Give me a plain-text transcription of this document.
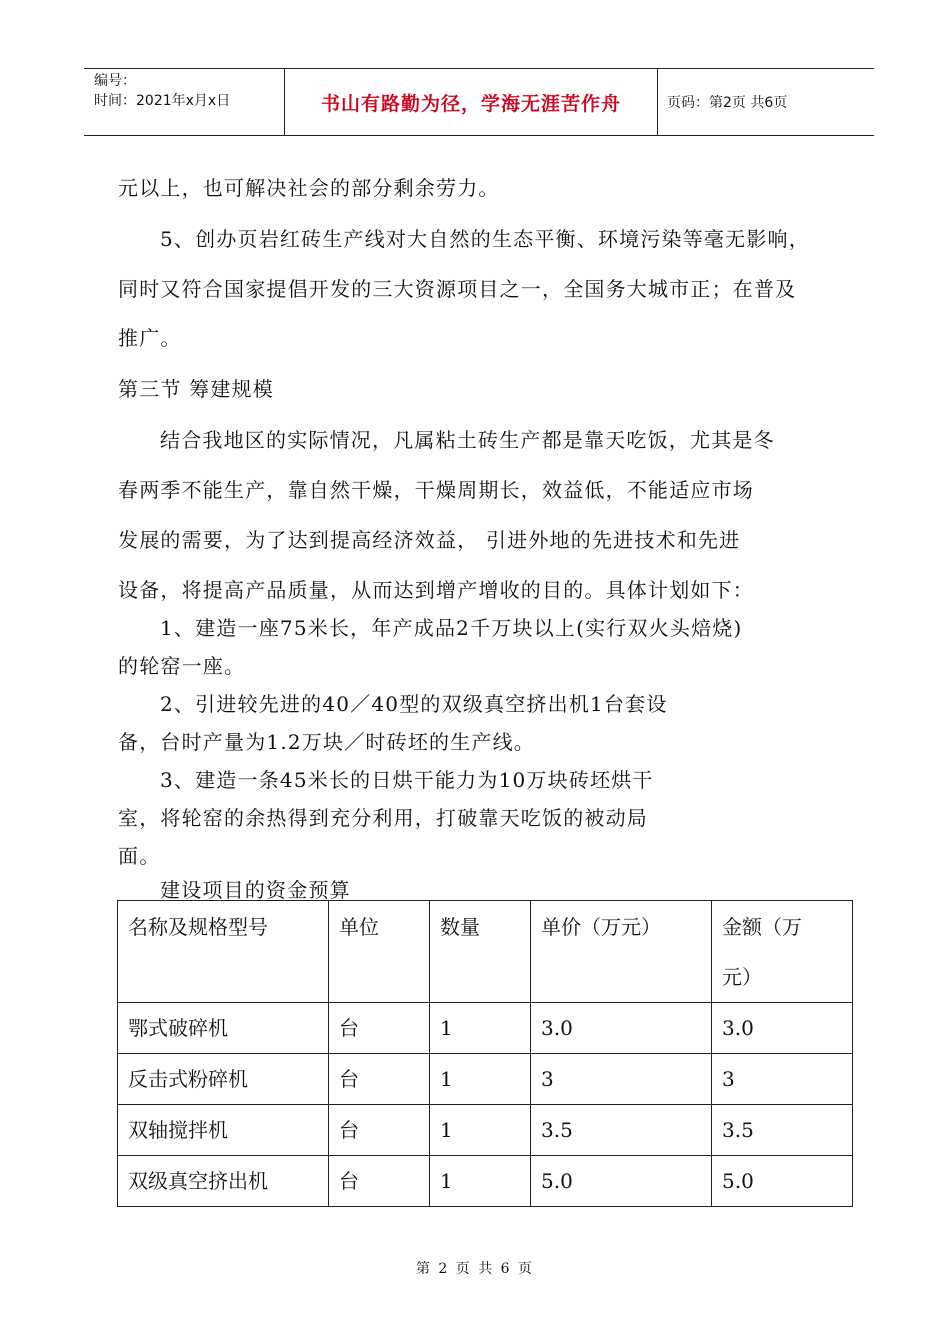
编号：
时间：2021年x月x日	书山有路勤为径，学海无涯苦作舟	页码：第2页 共6页
元以上，也可解决社会的部分剩余劳力。
5、创办页岩红砖生产线对大自然的生态平衡、环境污染等毫无影响，
同时又符合国家提倡开发的三大资源项目之一，全国务大城市正；在普及
推广。
第三节 筹建规模
结合我地区的实际情况，凡属粘土砖生产都是靠天吃饭，尤其是冬
春两季不能生产，靠自然干燥，干燥周期长，效益低，不能适应市场
发展的需要，为了达到提高经济效益， 引进外地的先进技术和先进
设备，将提高产品质量，从而达到增产增收的目的。具体计划如下：
1、建造一座75米长，年产成品2千万块以上(实行双火头焙烧)
的轮窑一座。
2、引进较先进的40／40型的双级真空挤出机1台套设
备，台时产量为1.2万块／时砖坯的生产线。
3、建造一条45米长的日烘干能力为10万块砖坯烘干
室，将轮窑的余热得到充分利用，打破靠天吃饭的被动局
面。
建设项目的资金预算
名称及规格型号	单位	数量	单价（万元）	金额（万
元）

鄂式破碎机	台	1	3.0	3.0
反击式粉碎机	台	1	3	3
双轴搅拌机	台	1	3.5	3.5
双级真空挤出机	台	1	5.0	5.0
第 2 页 共 6 页
